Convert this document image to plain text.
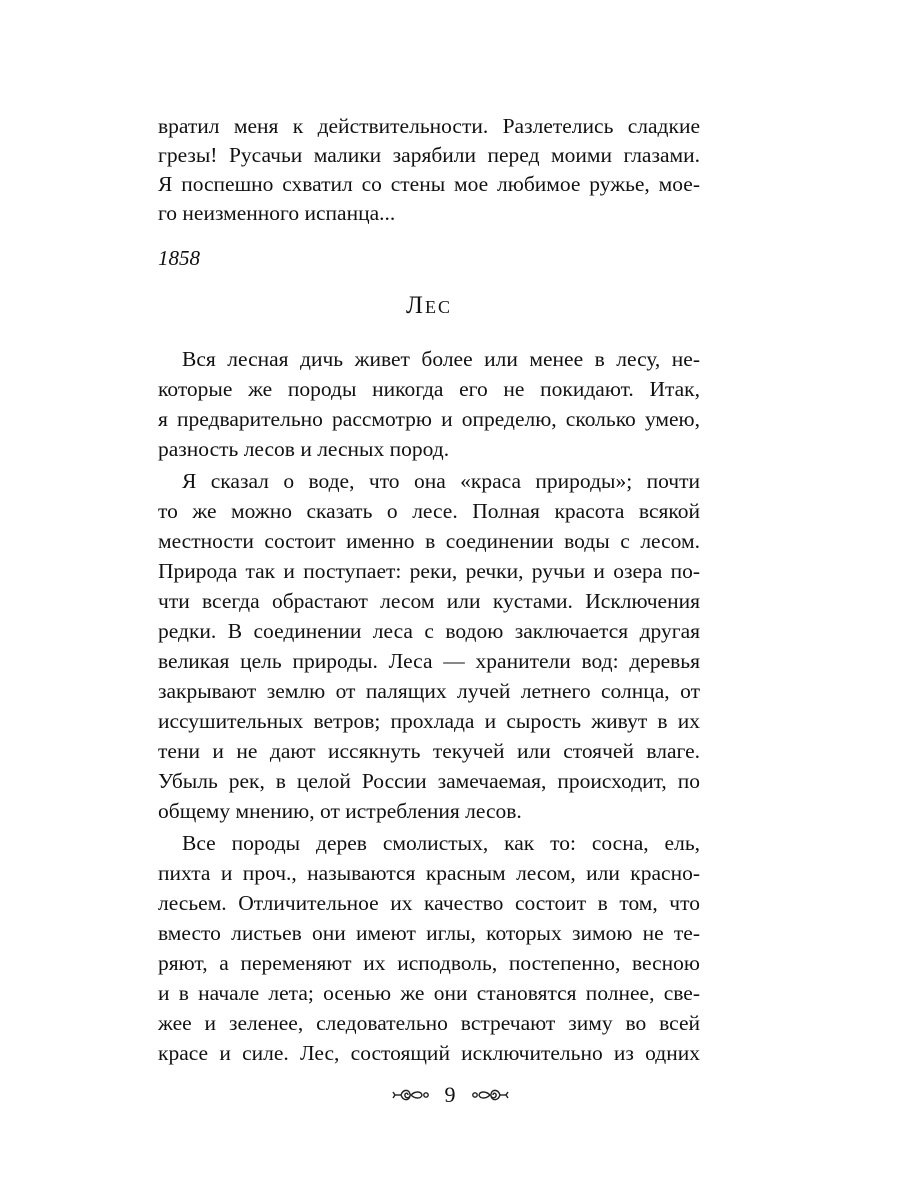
вратил меня к действительности. Разлетелись сладкие
грезы! Русачьи малики зарябили перед моими глазами.
Я поспешно схватил со стены мое любимое ружье, мое-
го неизменного испанца...
1858
Лес
Вся лесная дичь живет более или менее в лесу, не-
которые же породы никогда его не покидают. Итак,
я предварительно рассмотрю и определю, сколько умею,
разность лесов и лесных пород.
Я сказал о воде, что она «краса природы»; почти
то же можно сказать о лесе. Полная красота всякой
местности состоит именно в соединении воды с лесом.
Природа так и поступает: реки, речки, ручьи и озера по-
чти всегда обрастают лесом или кустами. Исключения
редки. В соединении леса с водою заключается другая
великая цель природы. Леса — хранители вод: деревья
закрывают землю от палящих лучей летнего солнца, от
иссушительных ветров; прохлада и сырость живут в их
тени и не дают иссякнуть текучей или стоячей влаге.
Убыль рек, в целой России замечаемая, происходит, по
общему мнению, от истребления лесов.
Все породы дерев смолистых, как то: сосна, ель,
пихта и проч., называются красным лесом, или красно-
лесьем. Отличительное их качество состоит в том, что
вместо листьев они имеют иглы, которых зимою не те-
ряют, а переменяют их исподволь, постепенно, весною
и в начале лета; осенью же они становятся полнее, све-
жее и зеленее, следовательно встречают зиму во всей
красе и силе. Лес, состоящий исключительно из одних
9
